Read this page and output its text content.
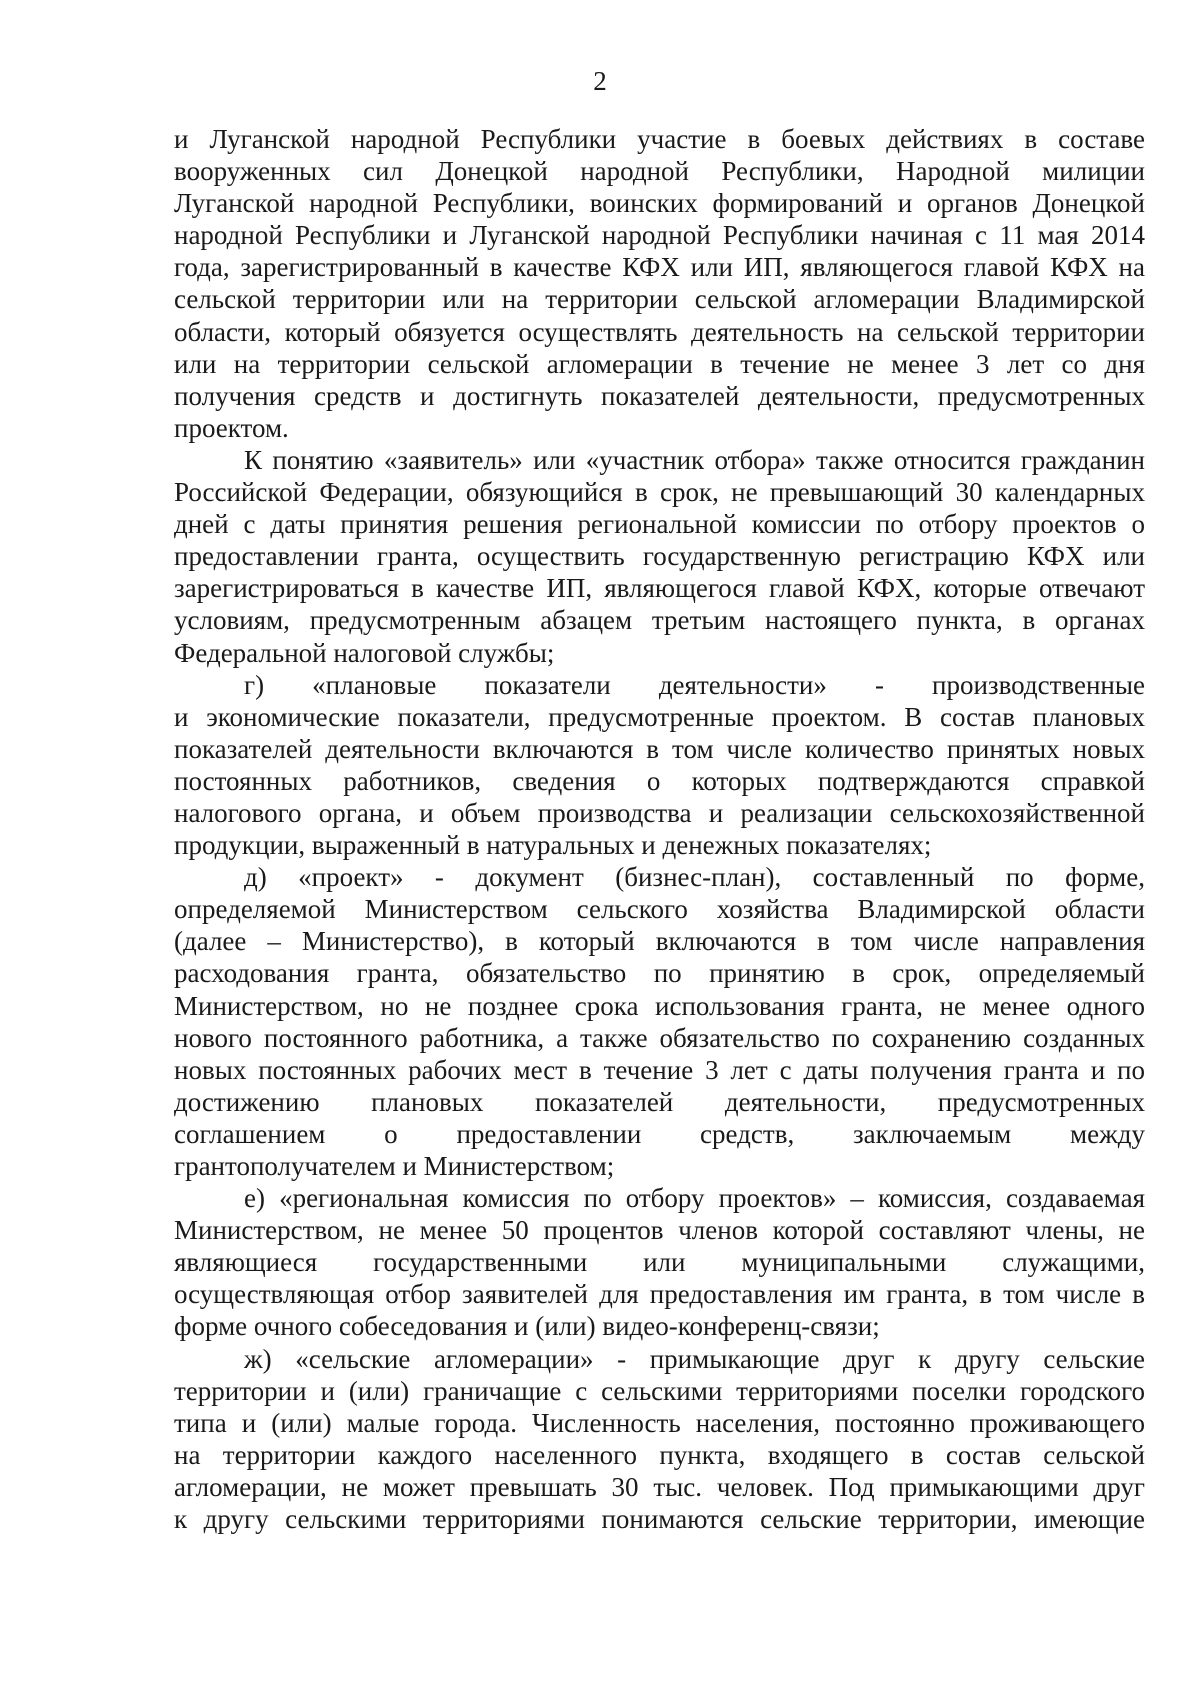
2

и Луганской народной Республики участие в боевых действиях в составе
вооруженных сил Донецкой народной Республики, Народной милиции
Луганской народной Республики, воинских формирований и органов Донецкой
народной Республики и Луганской народной Республики начиная с 11 мая 2014
года, зарегистрированный в качестве КФХ или ИП, являющегося главой КФХ на
сельской территории или на территории сельской агломерации Владимирской
области, который обязуется осуществлять деятельность на сельской территории
или на территории сельской агломерации в течение не менее 3 лет со дня
получения средств и достигнуть показателей деятельности, предусмотренных
проектом.

К понятию «заявитель» или «участник отбора» также относится гражданин
Российской Федерации, обязующийся в срок, не превышающий 30 календарных
дней с даты принятия решения региональной комиссии по отбору проектов о
предоставлении гранта, осуществить государственную регистрацию КФХ или
зарегистрироваться в качестве ИП, являющегося главой КФХ, которые отвечают
условиям, предусмотренным абзацем третьим настоящего пункта, в органах
Федеральной налоговой службы;

г) «плановые показатели деятельности» - производственные
и экономические показатели, предусмотренные проектом. В состав плановых
показателей деятельности включаются в том числе количество принятых новых
постоянных работников, сведения о которых подтверждаются справкой
налогового органа, и объем производства и реализации сельскохозяйственной
продукции, выраженный в натуральных и денежных показателях;

д) «проект» - документ (бизнес-план), составленный по форме,
определяемой Министерством сельского хозяйства Владимирской области
(далее – Министерство), в который включаются в том числе направления
расходования гранта, обязательство по принятию в срок, определяемый
Министерством, но не позднее срока использования гранта, не менее одного
нового постоянного работника, а также обязательство по сохранению созданных
новых постоянных рабочих мест в течение 3 лет с даты получения гранта и по
достижению плановых показателей деятельности, предусмотренных
соглашением о предоставлении средств, заключаемым между
грантополучателем и Министерством;

е) «региональная комиссия по отбору проектов» – комиссия, создаваемая
Министерством, не менее 50 процентов членов которой составляют члены, не
являющиеся государственными или муниципальными служащими,
осуществляющая отбор заявителей для предоставления им гранта, в том числе в
форме очного собеседования и (или) видео-конференц-связи;

ж) «сельские агломерации» - примыкающие друг к другу сельские
территории и (или) граничащие с сельскими территориями поселки городского
типа и (или) малые города. Численность населения, постоянно проживающего
на территории каждого населенного пункта, входящего в состав сельской
агломерации, не может превышать 30 тыс. человек. Под примыкающими друг
к другу сельскими территориями понимаются сельские территории, имеющие
